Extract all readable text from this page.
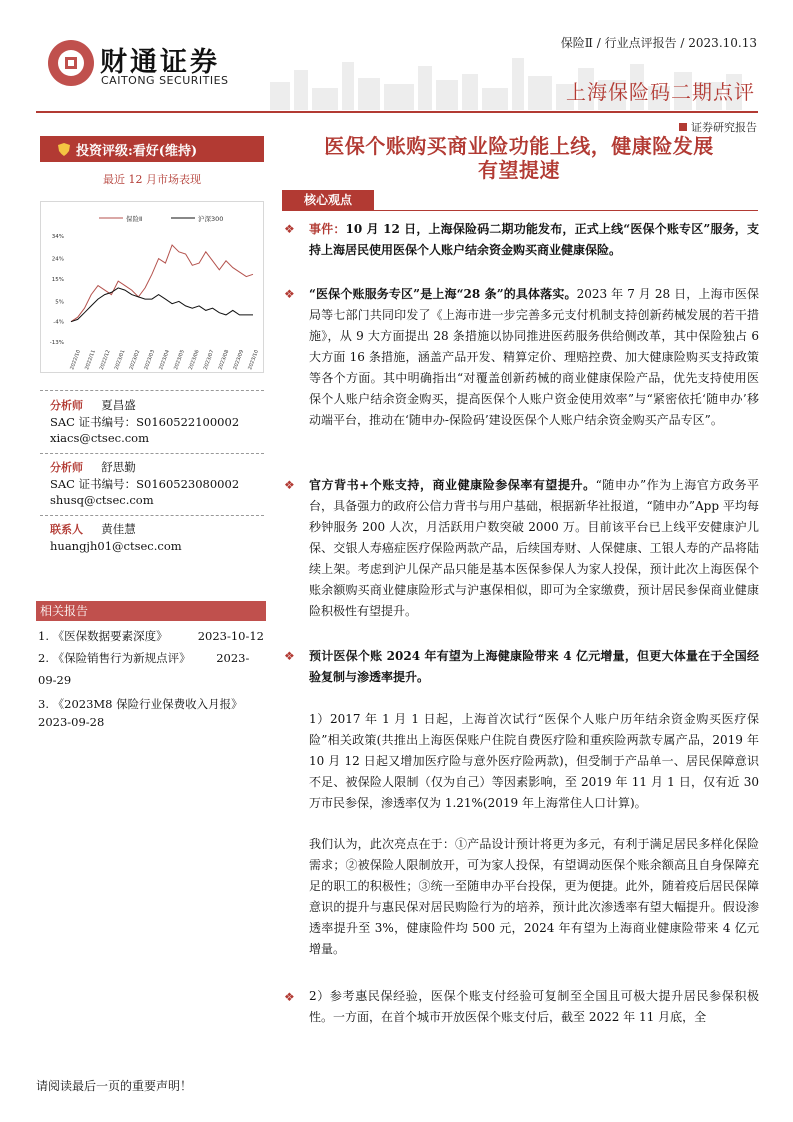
财通证券
CAITONG SECURITIES
保险Ⅱ / 行业点评报告 / 2023.10.13
上海保险码二期点评
证券研究报告
投资评级:看好(维持)
最近 12 月市场表现
保险Ⅱ	沪深300
34%
24%
15%
5%
-4%
-13%
2022/10 2022/11 2022/12 2023/01 2023/02 2023/03 2023/04 2023/05 2023/06 2023/07 2023/08 2023/09 2023/10
分析师 夏昌盛
SAC 证书编号：S0160522100002
xiacs@ctsec.com
分析师 舒思勤
SAC 证书编号：S0160523080002
shusq@ctsec.com
联系人 黄佳慧
huangjh01@ctsec.com
相关报告
1. 《医保数据要素深度》	2023-10-12
2. 《保险销售行为新规点评》 2023-09-29
3. 《2023M8 保险行业保费收入月报》
2023-09-28
医保个账购买商业险功能上线，健康险发展
有望提速
核心观点
❖ 事件：10 月 12 日，上海保险码二期功能发布，正式上线“医保个账专区”服务，支持上海居民使用医保个人账户结余资金购买商业健康保险。
❖ “医保个账服务专区”是上海“28 条”的具体落实。2023 年 7 月 28 日，上海市医保局等七部门共同印发了《上海市进一步完善多元支付机制支持创新药械发展的若干措施》，从 9 大方面提出 28 条措施以协同推进医药服务供给侧改革，其中保险独占 6 大方面 16 条措施，涵盖产品开发、精算定价、理赔控费、加大健康险购买支持政策等各个方面。其中明确指出“对覆盖创新药械的商业健康保险产品，优先支持使用医保个人账户结余资金购买，提高医保个人账户资金使用效率”与“紧密依托‘随申办’移动端平台，推动在‘随申办-保险码’建设医保个人账户结余资金购买产品专区”。
❖ 官方背书+个账支持，商业健康险参保率有望提升。“随申办”作为上海官方政务平台，具备强力的政府公信力背书与用户基础，根据新华社报道，“随申办”App 平均每秒钟服务 200 人次，月活跃用户数突破 2000 万。目前该平台已上线平安健康沪儿保、交银人寿癌症医疗保险两款产品，后续国寿财、人保健康、工银人寿的产品将陆续上架。考虑到沪儿保产品只能是基本医保参保人为家人投保，预计此次上海医保个账余额购买商业健康险形式与沪惠保相似，即可为全家缴费，预计居民参保商业健康险积极性有望提升。
❖ 预计医保个账 2024 年有望为上海健康险带来 4 亿元增量，但更大体量在于全国经验复制与渗透率提升。
1）2017 年 1 月 1 日起，上海首次试行“医保个人账户历年结余资金购买医疗保险”相关政策(共推出上海医保账户住院自费医疗险和重疾险两款专属产品，2019 年 10 月 12 日起又增加医疗险与意外医疗险两款)，但受制于产品单一、居民保障意识不足、被保险人限制（仅为自己）等因素影响，至 2019 年 11 月 1 日，仅有近 30 万市民参保，渗透率仅为 1.21%(2019 年上海常住人口计算)。
我们认为，此次亮点在于：①产品设计预计将更为多元，有利于满足居民多样化保险需求；②被保险人限制放开，可为家人投保，有望调动医保个账余额高且自身保障充足的职工的积极性；③统一至随申办平台投保，更为便捷。此外，随着疫后居民保障意识的提升与惠民保对居民购险行为的培养，预计此次渗透率有望大幅提升。假设渗透率提升至 3%，健康险件均 500 元，2024 年有望为上海商业健康险带来 4 亿元增量。
❖ 2）参考惠民保经验，医保个账支付经验可复制至全国且可极大提升居民参保积极性。一方面，在首个城市开放医保个账支付后，截至 2022 年 11 月底，全
请阅读最后一页的重要声明！
